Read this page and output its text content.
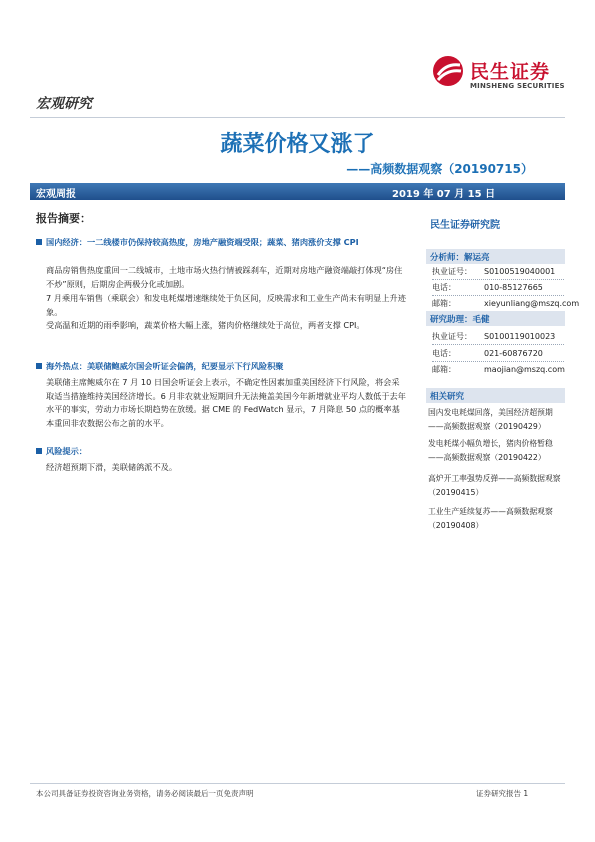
民生证券
MINSHENG SECURITIES
宏观研究
蔬菜价格又涨了
——高频数据观察（20190715）
宏观周报	2019 年 07 月 15 日
报告摘要：
国内经济：一二线楼市仍保持较高热度，房地产融资端受限；蔬菜、猪肉涨价支撑 CPI
商品房销售热度重回一二线城市，土地市场火热行情被踩刹车，近期对房地产融资端敲打体现“房住不炒”原则，后期房企两极分化或加剧。
7 月乘用车销售（乘联会）和发电耗煤增速继续处于负区间，反映需求和工业生产尚未有明显上升迹象。
受高温和近期的雨季影响，蔬菜价格大幅上涨，猪肉价格继续处于高位，两者支撑 CPI。
海外热点：美联储鲍威尔国会听证会偏鸽，纪要显示下行风险积聚
美联储主席鲍威尔在 7 月 10 日国会听证会上表示，不确定性因素加重美国经济下行风险，将会采取适当措施维持美国经济增长。6 月非农就业短期回升无法掩盖美国今年新增就业平均人数低于去年水平的事实，劳动力市场长期趋势在放缓。据 CME 的 FedWatch 显示，7 月降息 50 点的概率基本重回非农数据公布之前的水平。
风险提示：
经济超预期下滑，美联储鸽派不及。
民生证券研究院
分析师：解运亮
执业证号： S0100519040001
电话：	010-85127665
邮箱：	xieyunliang@mszq.com
研究助理：毛健
执业证号： S0100119010023
电话：	021-60876720
邮箱：	maojian@mszq.com
相关研究
国内发电耗煤回落，美国经济超预期——高频数据观察（20190429）
发电耗煤小幅负增长，猪肉价格暂稳——高频数据观察（20190422）
高炉开工率强势反弹——高频数据观察（20190415）
工业生产延续复苏——高频数据观察（20190408）
本公司具备证券投资咨询业务资格，请务必阅读最后一页免责声明	证券研究报告 1
